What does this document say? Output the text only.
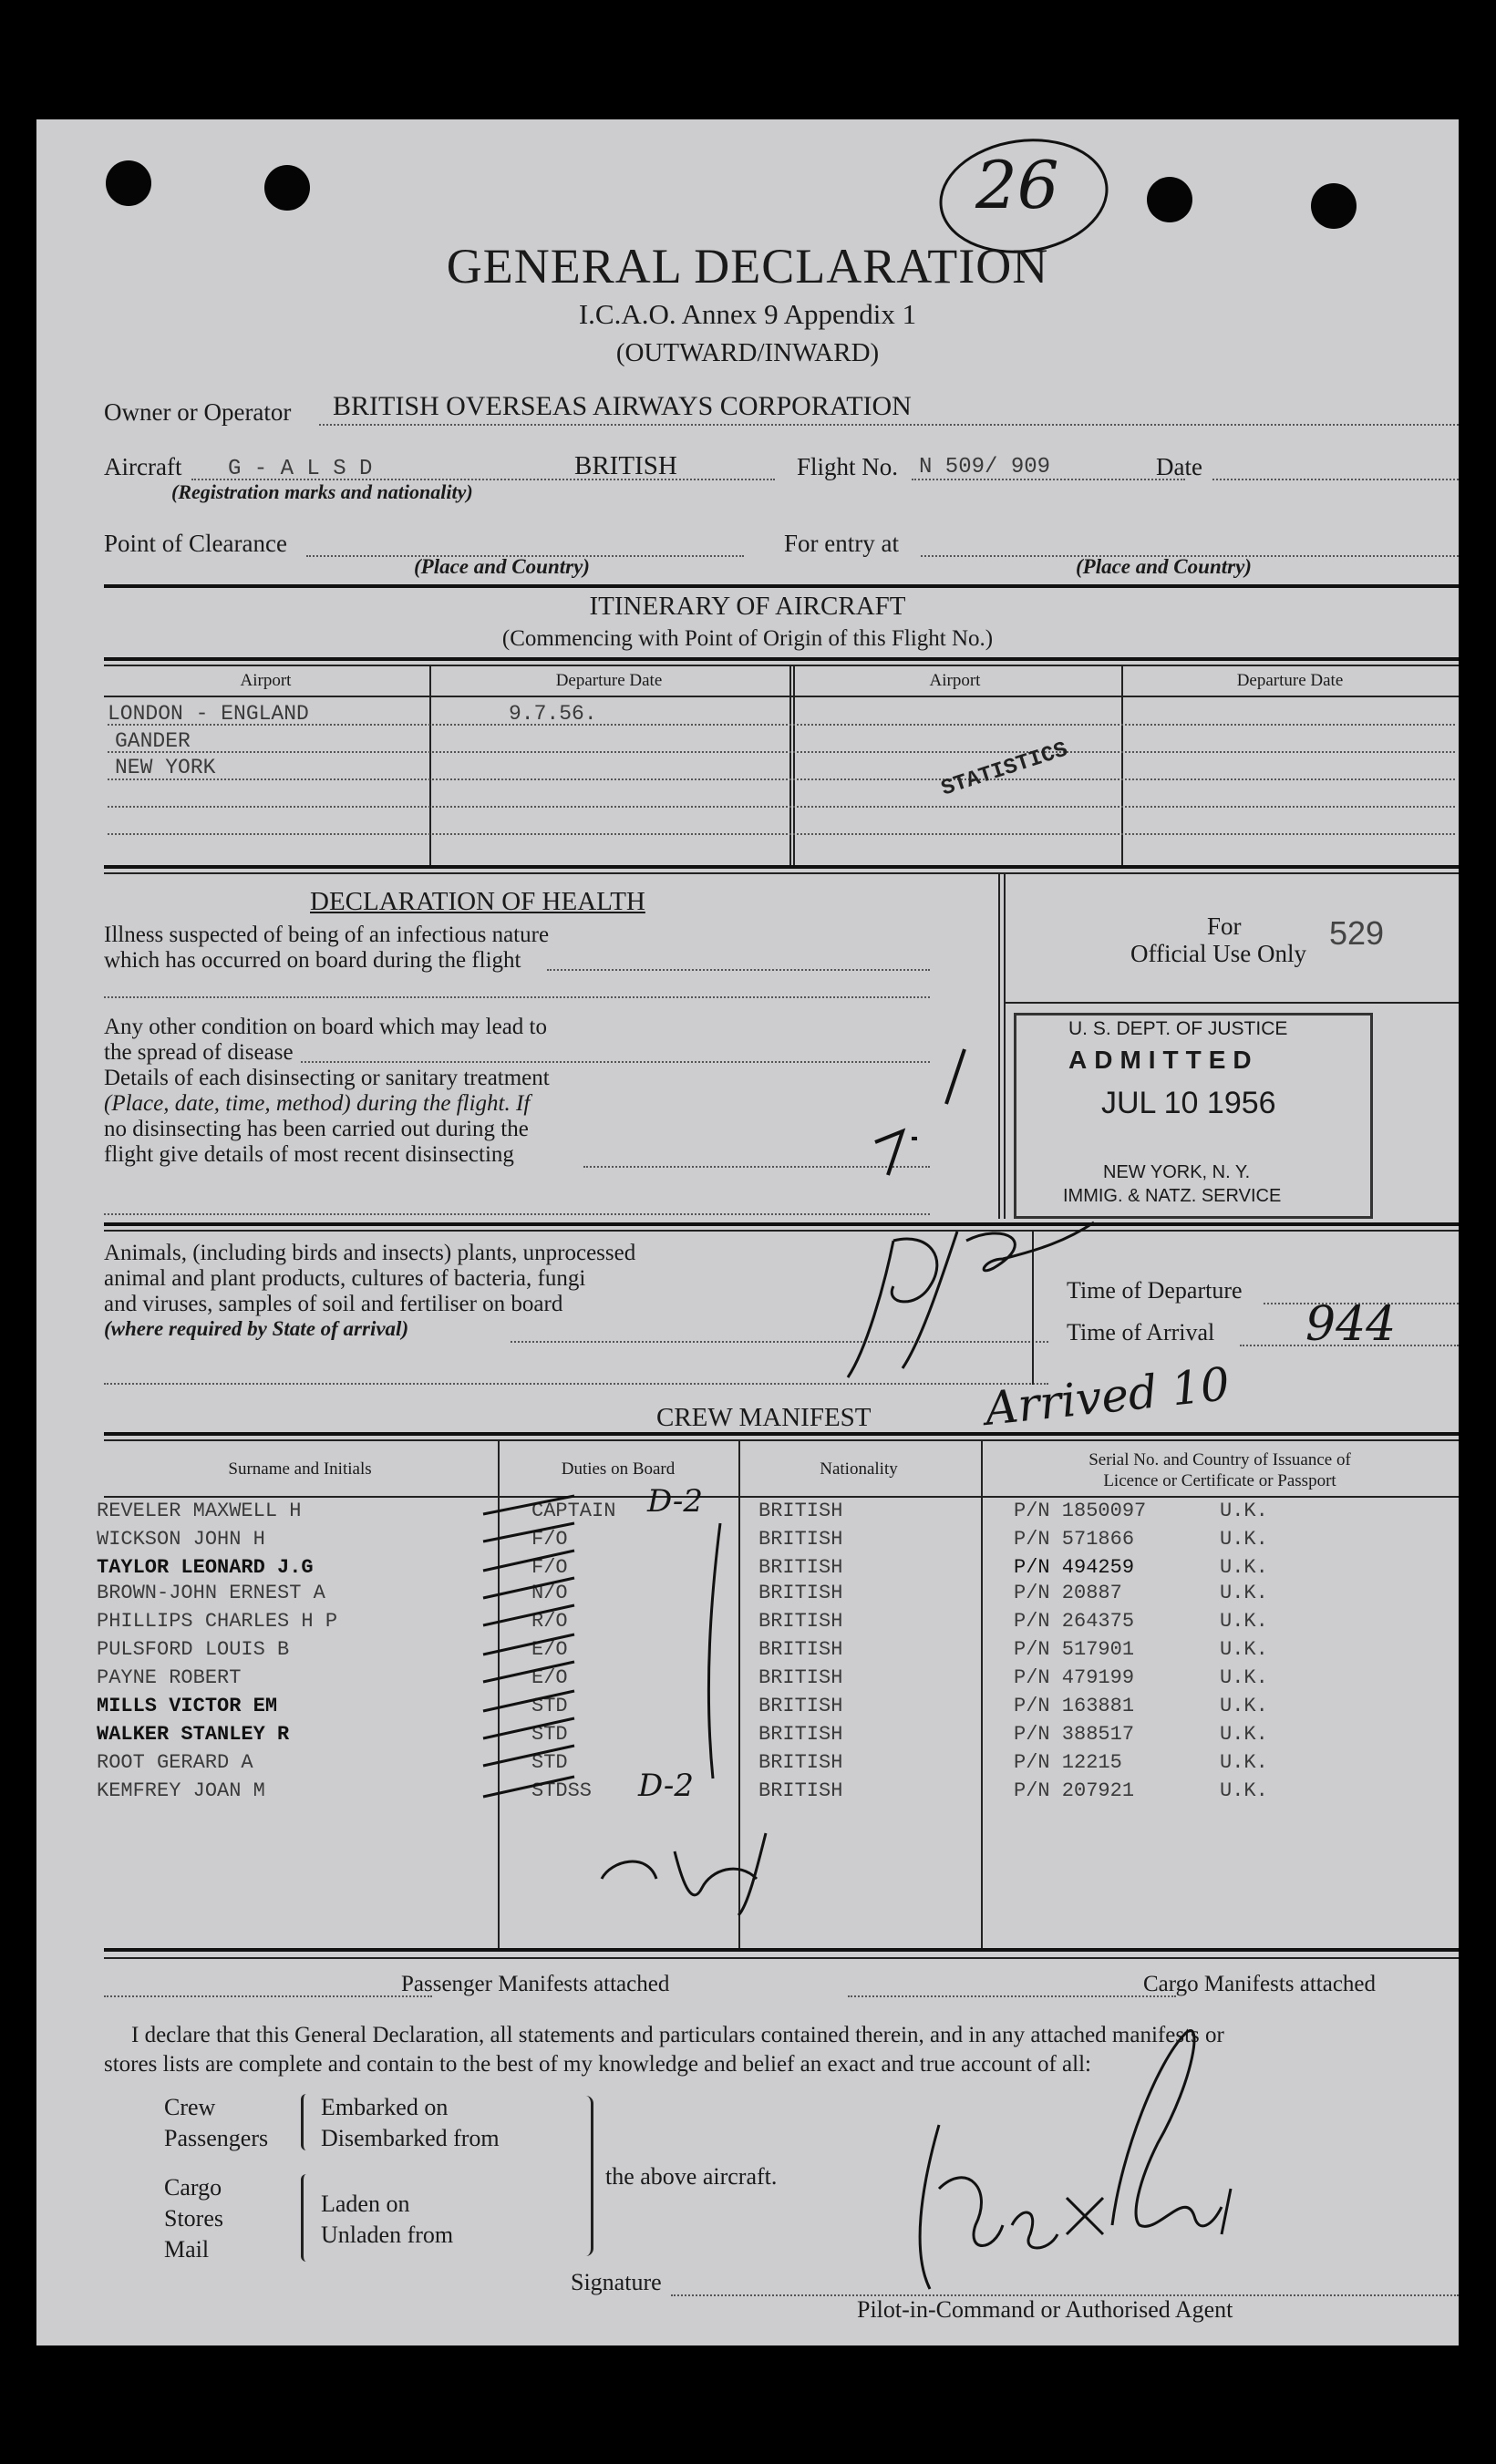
26
GENERAL DECLARATION
I.C.A.O. Annex 9 Appendix 1
(OUTWARD/INWARD)
Owner or Operator BRITISH OVERSEAS AIRWAYS CORPORATION
Aircraft G - A L S D	BRITISH
(Registration marks and nationality)
Flight No. N 509/ 909	Date
Point of Clearance
(Place and Country)
For entry at
(Place and Country)
ITINERARY OF AIRCRAFT
(Commencing with Point of Origin of this Flight No.)
Airport	Departure Date	Airport	Departure Date
LONDON - ENGLAND	9.7.56.
GANDER
NEW YORK	STATISTICS
DECLARATION OF HEALTH
Illness suspected of being of an infectious nature
which has occurred on board during the flight
Any other condition on board which may lead to
the spread of disease
Details of each disinsecting or sanitary treatment
(Place, date, time, method) during the flight. If
no disinsecting has been carried out during the
flight give details of most recent disinsecting
For
Official Use Only
529
U. S. DEPT. OF JUSTICE
ADMITTED
JUL 10 1956
NEW YORK, N. Y.
IMMIG. & NATZ. SERVICE
Animals, (including birds and insects) plants, unprocessed
animal and plant products, cultures of bacteria, fungi
and viruses, samples of soil and fertiliser on board
(where required by State of arrival)
Time of Departure
Time of Arrival 944
Arrived 10
CREW MANIFEST
Surname and Initials	Duties on Board	Nationality	Serial No. and Country of Issuance of
Licence or Certificate or Passport
REVELER MAXWELL H	CAPTAIN	BRITISH	P/N 1850097	U.K.
WICKSON JOHN H	F/O	BRITISH	P/N 571866	U.K.
TAYLOR LEONARD J.G	F/O	BRITISH	P/N 494259	U.K.
BROWN-JOHN ERNEST A	N/O	BRITISH	P/N 20887	U.K.
PHILLIPS CHARLES H P	R/O	BRITISH	P/N 264375	U.K.
PULSFORD LOUIS B	E/O	BRITISH	P/N 517901	U.K.
PAYNE ROBERT	E/O	BRITISH	P/N 479199	U.K.
MILLS VICTOR EM	STD	BRITISH	P/N 163881	U.K.
WALKER STANLEY R	STD	BRITISH	P/N 388517	U.K.
ROOT GERARD A	STD	BRITISH	P/N 12215	U.K.
KEMFREY JOAN M	STDSS	BRITISH	P/N 207921	U.K.
D-2
D-2
Passenger Manifests attached	Cargo Manifests attached
I declare that this General Declaration, all statements and particulars contained therein, and in any attached manifests or
stores lists are complete and contain to the best of my knowledge and belief an exact and true account of all:
Crew
Passengers
Embarked on
Disembarked from
Cargo
Stores
Mail
Laden on
Unladen from
the above aircraft.
Signature
Pilot-in-Command or Authorised Agent
